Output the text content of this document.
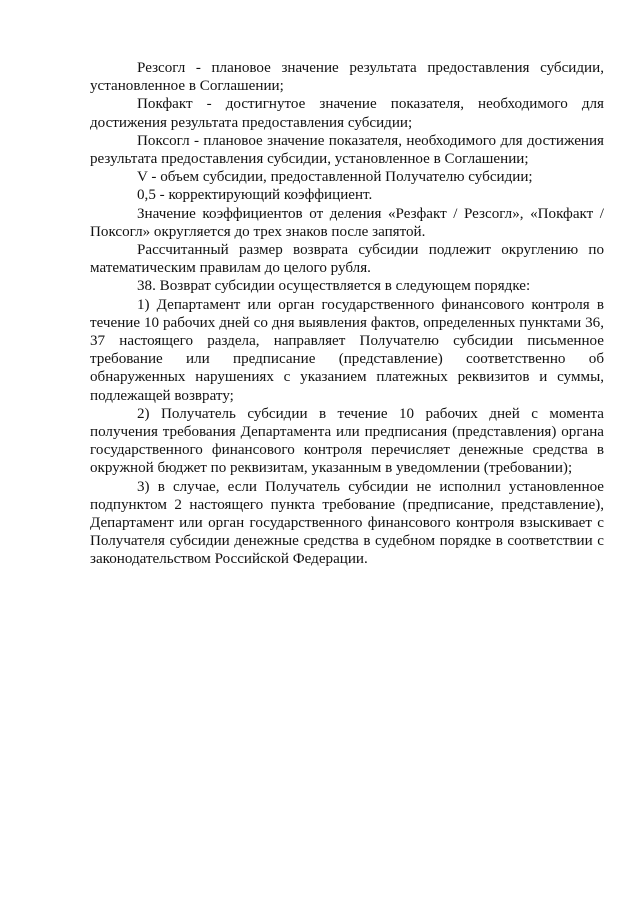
Резсогл - плановое значение результата предоставления субсидии, установленное в Соглашении;

Покфакт - достигнутое значение показателя, необходимого для достижения результата предоставления субсидии;

Поксогл - плановое значение показателя, необходимого для достижения результата предоставления субсидии, установленное в Соглашении;

V - объем субсидии, предоставленной Получателю субсидии;

0,5 - корректирующий коэффициент.

Значение коэффициентов от деления «Резфакт / Резсогл», «Покфакт / Поксогл» округляется до трех знаков после запятой.

Рассчитанный размер возврата субсидии подлежит округлению по математическим правилам до целого рубля.

38. Возврат субсидии осуществляется в следующем порядке:

1) Департамент или орган государственного финансового контроля в течение 10 рабочих дней со дня выявления фактов, определенных пунктами 36, 37 настоящего раздела, направляет Получателю субсидии письменное требование или предписание (представление) соответственно об обнаруженных нарушениях с указанием платежных реквизитов и суммы, подлежащей возврату;

2) Получатель субсидии в течение 10 рабочих дней с момента получения требования Департамента или предписания (представления) органа государственного финансового контроля перечисляет денежные средства в окружной бюджет по реквизитам, указанным в уведомлении (требовании);

3) в случае, если Получатель субсидии не исполнил установленное подпунктом 2 настоящего пункта требование (предписание, представление), Департамент или орган государственного финансового контроля взыскивает с Получателя субсидии денежные средства в судебном порядке в соответствии с законодательством Российской Федерации.
